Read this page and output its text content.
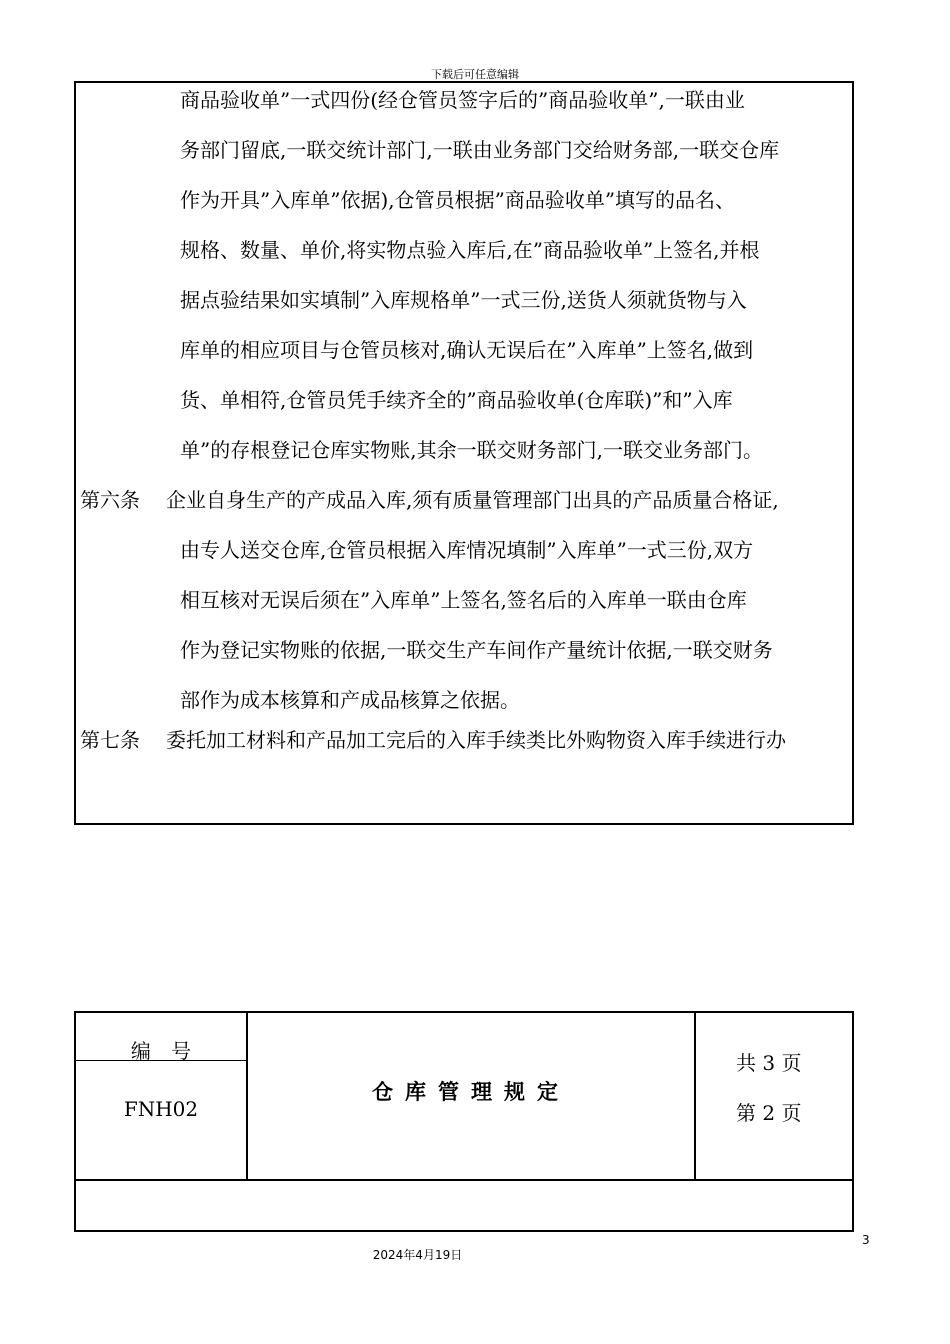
下载后可任意编辑
商品验收单”一式四份(经仓管员签字后的”商品验收单”,一联由业
务部门留底,一联交统计部门,一联由业务部门交给财务部,一联交仓库
作为开具”入库单”依据),仓管员根据”商品验收单”填写的品名、
规格、数量、单价,将实物点验入库后,在”商品验收单”上签名,并根
据点验结果如实填制”入库规格单”一式三份,送货人须就货物与入
库单的相应项目与仓管员核对,确认无误后在”入库单”上签名,做到
货、单相符,仓管员凭手续齐全的”商品验收单(仓库联)”和”入库
单”的存根登记仓库实物账,其余一联交财务部门,一联交业务部门。
第六条 企业自身生产的产成品入库,须有质量管理部门出具的产品质量合格证,
由专人送交仓库,仓管员根据入库情况填制”入库单”一式三份,双方
相互核对无误后须在”入库单”上签名,签名后的入库单一联由仓库
作为登记实物账的依据,一联交生产车间作产量统计依据,一联交财务
部作为成本核算和产成品核算之依据。
第七条 委托加工材料和产品加工完后的入库手续类比外购物资入库手续进行办
编 号
FNH02
仓库管理规定
共 3 页
第 2 页
3
2024年4月19日
